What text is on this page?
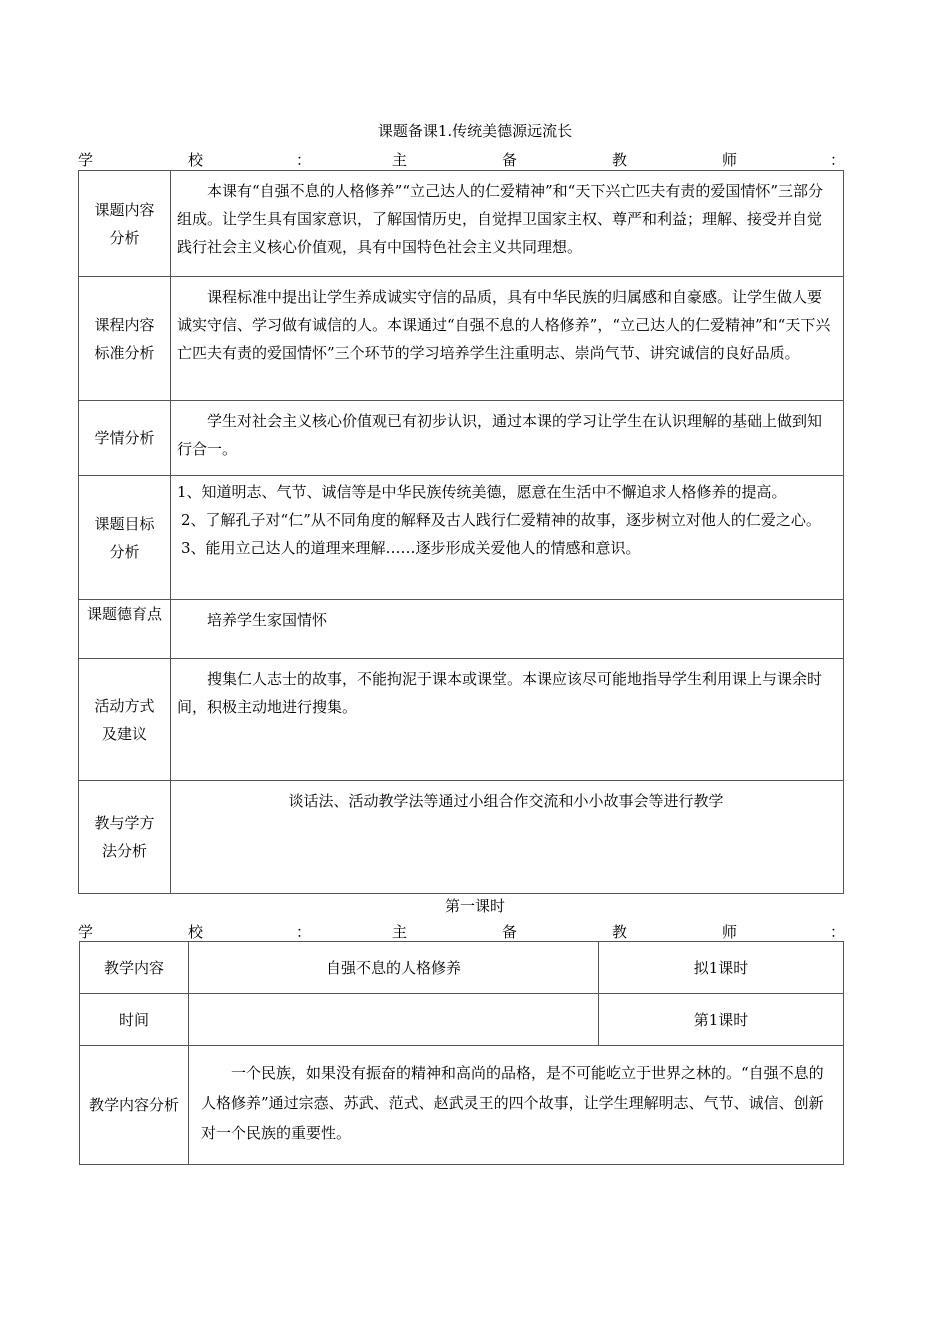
课题备课1.传统美德源远流长
学	校	：	主	备	教	师	：
课题内容分析	本课有“自强不息的人格修养”“立己达人的仁爱精神”和“天下兴亡匹夫有责的爱国情怀”三部分组成。让学生具有国家意识，了解国情历史，自觉捍卫国家主权、尊严和利益；理解、接受并自觉践行社会主义核心价值观，具有中国特色社会主义共同理想。
课程内容标准分析	课程标准中提出让学生养成诚实守信的品质，具有中华民族的归属感和自豪感。让学生做人要诚实守信、学习做有诚信的人。本课通过“自强不息的人格修养”，“立己达人的仁爱精神”和“天下兴亡匹夫有责的爱国情怀”三个环节的学习培养学生注重明志、崇尚气节、讲究诚信的良好品质。
学情分析	学生对社会主义核心价值观已有初步认识，通过本课的学习让学生在认识理解的基础上做到知行合一。
课题目标分析	1、知道明志、气节、诚信等是中华民族传统美德，愿意在生活中不懈追求人格修养的提高。
2、了解孔子对“仁”从不同角度的解释及古人践行仁爱精神的故事，逐步树立对他人的仁爱之心。
3、能用立己达人的道理来理解……逐步形成关爱他人的情感和意识。

课题德育点	培养学生家国情怀
活动方式及建议	搜集仁人志士的故事，不能拘泥于课本或课堂。本课应该尽可能地指导学生利用课上与课余时间，积极主动地进行搜集。
教与学方法分析	谈话法、活动教学法等通过小组合作交流和小小故事会等进行教学
第一课时
学	校	：	主	备	教	师	：
教学内容	自强不息的人格修养	拟1课时
时间		第1课时
教学内容分析	一个民族，如果没有振奋的精神和高尚的品格，是不可能屹立于世界之林的。“自强不息的人格修养”通过宗悫、苏武、范式、赵武灵王的四个故事，让学生理解明志、气节、诚信、创新对一个民族的重要性。	
